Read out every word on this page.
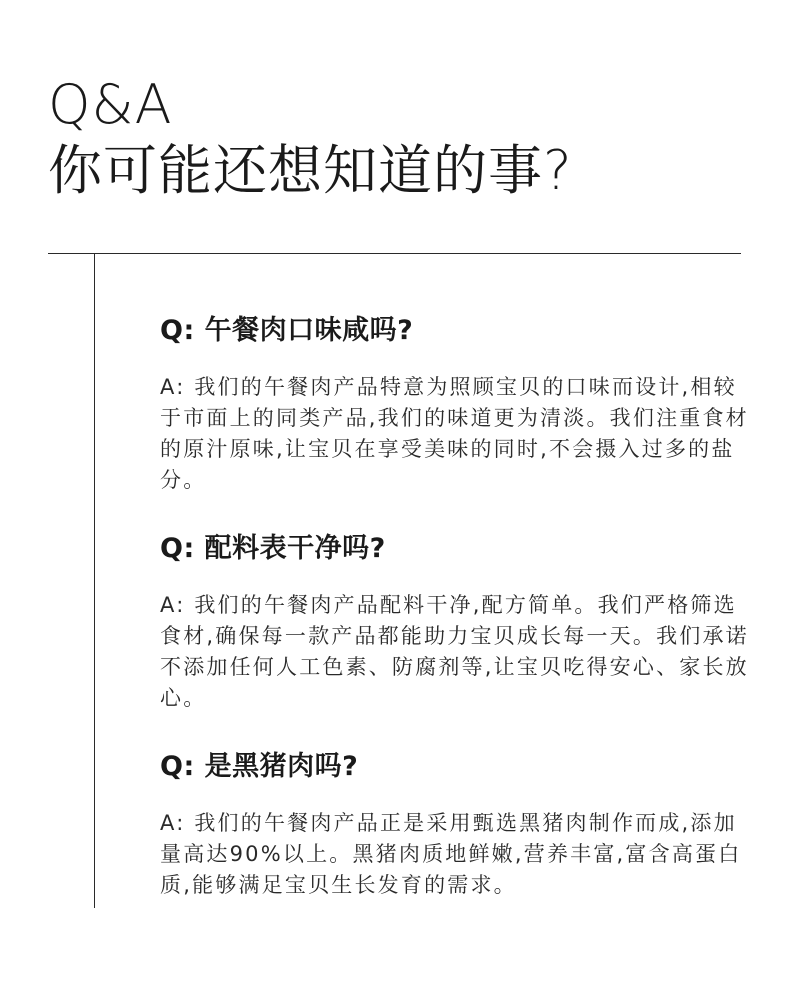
Q&A
你可能还想知道的事?
Q: 午餐肉口味咸吗?
A: 我们的午餐肉产品特意为照顾宝贝的口味而设计,相较于市面上的同类产品,我们的味道更为清淡。我们注重食材的原汁原味,让宝贝在享受美味的同时,不会摄入过多的盐分。
Q: 配料表干净吗?
A: 我们的午餐肉产品配料干净,配方简单。我们严格筛选食材,确保每一款产品都能助力宝贝成长每一天。我们承诺不添加任何人工色素、防腐剂等,让宝贝吃得安心、家长放心。
Q: 是黑猪肉吗?
A: 我们的午餐肉产品正是采用甄选黑猪肉制作而成,添加量高达90%以上。黑猪肉质地鲜嫩,营养丰富,富含高蛋白质,能够满足宝贝生长发育的需求。
